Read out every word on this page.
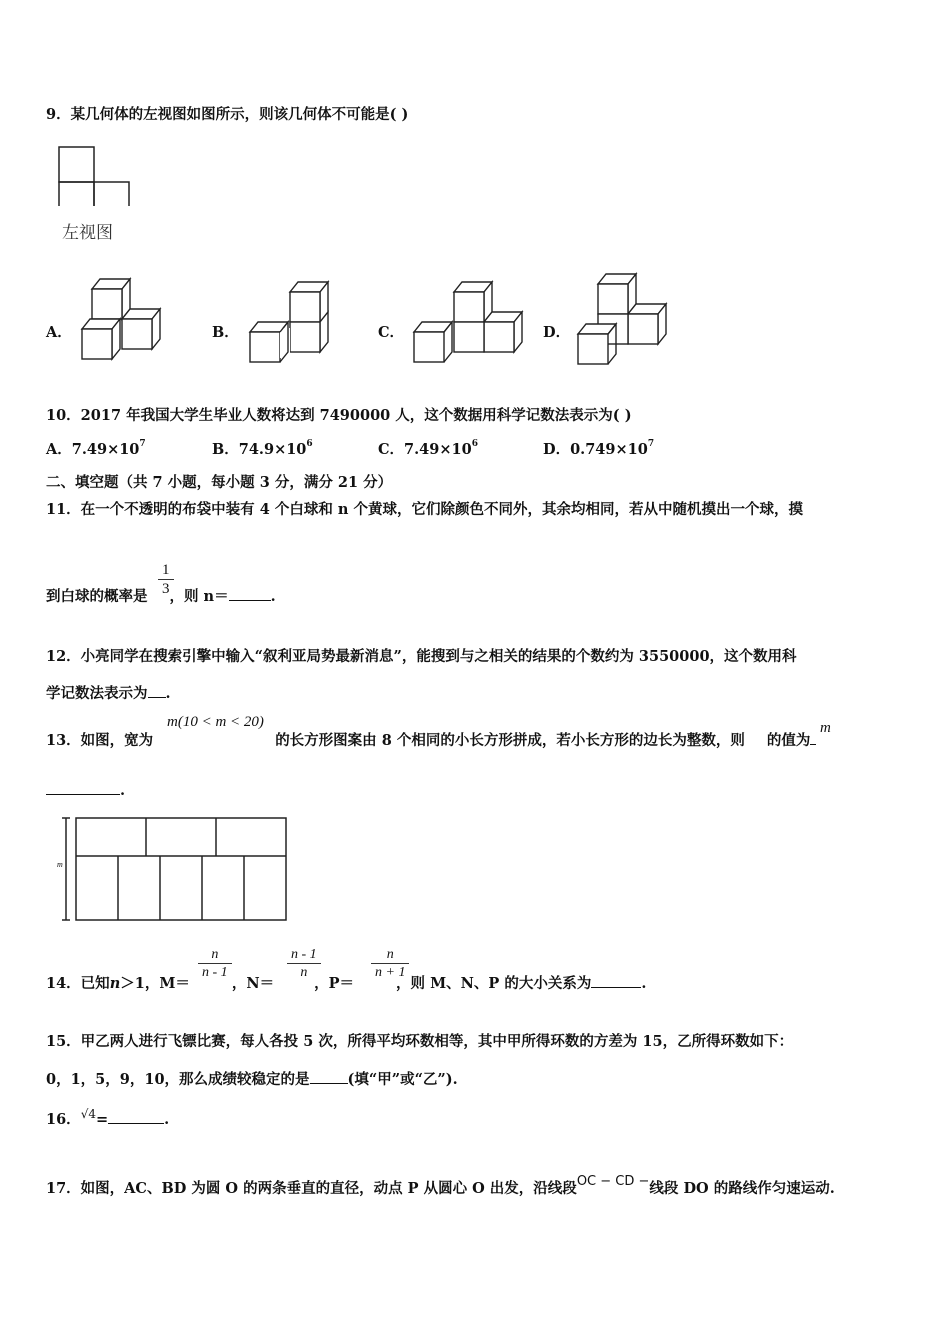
9．某几何体的左视图如图所示，则该几何体不可能是( )
左视图
A．	B．	C．	D．
10．2017 年我国大学生毕业人数将达到 7490000 人，这个数据用科学记数法表示为( )
A．$7.49\times 10^7$	B．$74.9\times 10^6$	C．$7.49\times 10^6$	D．$0.749\times 10^7$
二、填空题（共 7 小题，每小题 3 分，满分 21 分）
11．在一个不透明的布袋中装有 4 个白球和 n 个黄球，它们除颜色不同外，其余均相同，若从中随机摸出一个球，摸
到白球的概率是 ，则 n＝	.
$\frac{1}{3}$
12．小亮同学在搜索引擎中输入“叙利亚局势最新消息”，能搜到与之相关的结果的个数约为 3550000，这个数用科
学记数法表示为 .
13．如图，宽为	的长方形图案由 8 个相同的小长方形拼成，若小长方形的边长为整数，则 的值为
m(10 < m < 20)	m
.
m
14．已知n＞1，M＝	，N＝	，P＝	，则 M、N、P 的大小关系为	.
$\frac{n}{n - 1}$	$\frac{n - 1}{n}$	$\frac{n}{n + 1}$
15．甲乙两人进行飞镖比赛，每人各投 5 次，所得平均环数相等，其中甲所得环数的方差为 15，乙所得环数如下：
0，1，5，9，10，那么成绩较稳定的是	(填“甲”或“乙”).
16．$^{√4}$=	.
17．如图，AC、BD 为圆 O 的两条垂直的直径，动点 P 从圆心 O 出发，沿线段OC − CD −线段 DO 的路线作匀速运动.
